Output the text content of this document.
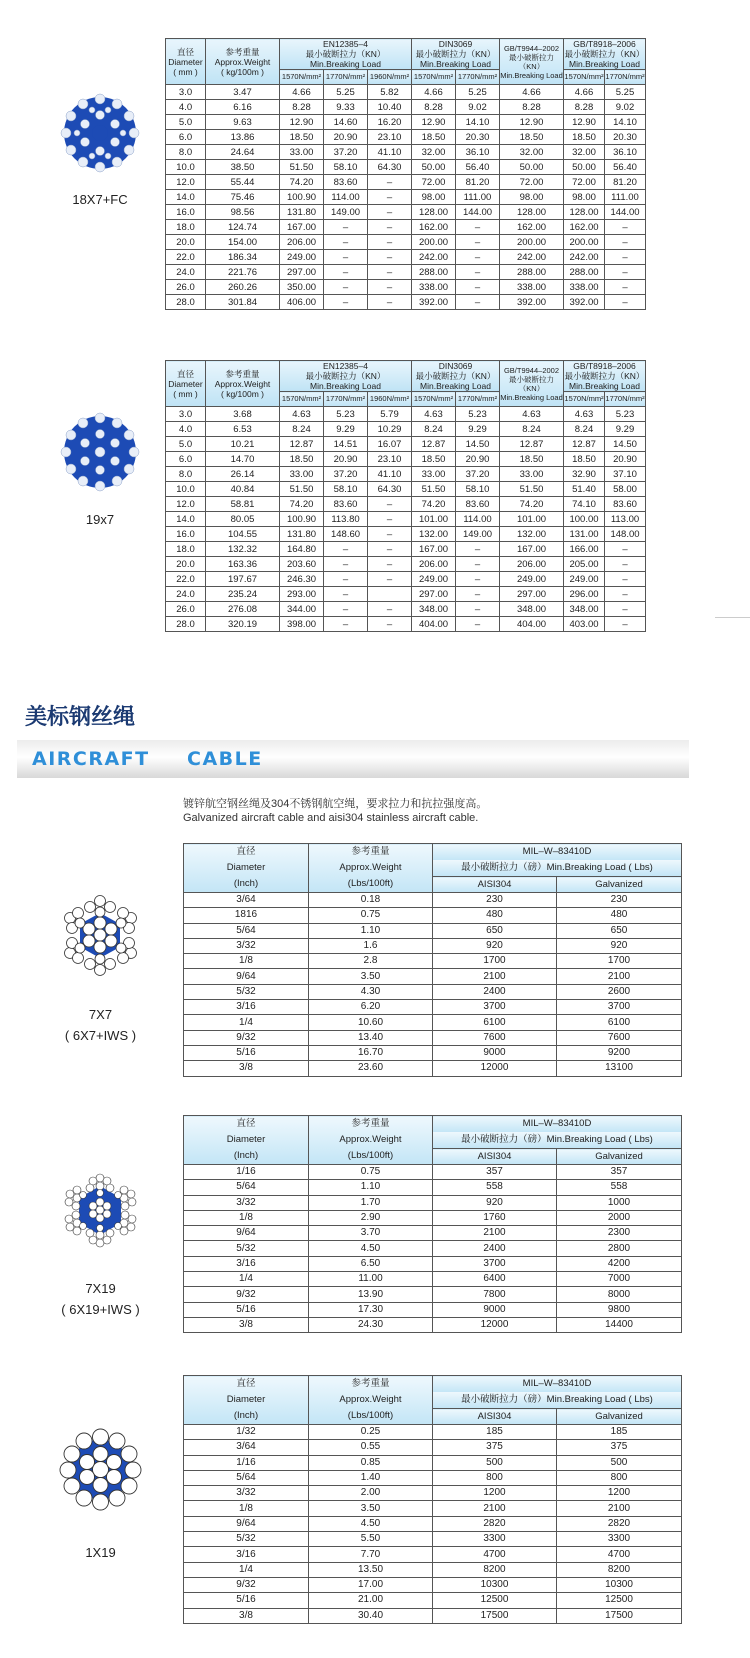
18X7+FC
直径
Diameter
( mm )	参考重量
Approx.Weight
( kg/100m )	EN12385–4
最小破断拉力（KN）
Min.Breaking Load			DIN3069
最小破断拉力（KN）
Min.Breaking Load		GB/T9944–2002
最小破断拉力
（KN）
Min.Breaking Load	GB/T8918–2006
最小破断拉力（KN）
Min.Breaking Load	

		1570N/mm²	1770N/mm²	1960N/mm²	1570N/mm²	1770N/mm²		1570N/mm²	1770N/mm²
3.0	3.47	4.66	5.25	5.82	4.66	5.25	4.66	4.66	5.25
4.0	6.16	8.28	9.33	10.40	8.28	9.02	8.28	8.28	9.02
5.0	9.63	12.90	14.60	16.20	12.90	14.10	12.90	12.90	14.10
6.0	13.86	18.50	20.90	23.10	18.50	20.30	18.50	18.50	20.30
8.0	24.64	33.00	37.20	41.10	32.00	36.10	32.00	32.00	36.10
10.0	38.50	51.50	58.10	64.30	50.00	56.40	50.00	50.00	56.40
12.0	55.44	74.20	83.60	–	72.00	81.20	72.00	72.00	81.20
14.0	75.46	100.90	114.00	–	98.00	111.00	98.00	98.00	111.00
16.0	98.56	131.80	149.00	–	128.00	144.00	128.00	128.00	144.00
18.0	124.74	167.00	–	–	162.00	–	162.00	162.00	–
20.0	154.00	206.00	–	–	200.00	–	200.00	200.00	–
22.0	186.34	249.00	–	–	242.00	–	242.00	242.00	–
24.0	221.76	297.00	–	–	288.00	–	288.00	288.00	–
26.0	260.26	350.00	–	–	338.00	–	338.00	338.00	–
28.0	301.84	406.00	–	–	392.00	–	392.00	392.00	–
19x7
直径
Diameter
( mm )	参考重量
Approx.Weight
( kg/100m )	EN12385–4
最小破断拉力（KN）
Min.Breaking Load			DIN3069
最小破断拉力（KN）
Min.Breaking Load		GB/T9944–2002
最小破断拉力
（KN）
Min.Breaking Load	GB/T8918–2006
最小破断拉力（KN）
Min.Breaking Load	

		1570N/mm²	1770N/mm²	1960N/mm²	1570N/mm²	1770N/mm²		1570N/mm²	1770N/mm²
3.0	3.68	4.63	5.23	5.79	4.63	5.23	4.63	4.63	5.23
4.0	6.53	8.24	9.29	10.29	8.24	9.29	8.24	8.24	9.29
5.0	10.21	12.87	14.51	16.07	12.87	14.50	12.87	12.87	14.50
6.0	14.70	18.50	20.90	23.10	18.50	20.90	18.50	18.50	20.90
8.0	26.14	33.00	37.20	41.10	33.00	37.20	33.00	32.90	37.10
10.0	40.84	51.50	58.10	64.30	51.50	58.10	51.50	51.40	58.00
12.0	58.81	74.20	83.60	–	74.20	83.60	74.20	74.10	83.60
14.0	80.05	100.90	113.80	–	101.00	114.00	101.00	100.00	113.00
16.0	104.55	131.80	148.60	–	132.00	149.00	132.00	131.00	148.00
18.0	132.32	164.80	–	–	167.00	–	167.00	166.00	–
20.0	163.36	203.60	–	–	206.00	–	206.00	205.00	–
22.0	197.67	246.30	–	–	249.00	–	249.00	249.00	–
24.0	235.24	293.00	–		297.00	–	297.00	296.00	–
26.0	276.08	344.00	–	–	348.00	–	348.00	348.00	–
28.0	320.19	398.00	–	–	404.00	–	404.00	403.00	–
美标钢丝绳
AIRCRAFT CABLE
镀锌航空钢丝绳及304不锈钢航空绳，要求拉力和抗拉强度高。
Galvanized aircraft cable and aisi304 stainless aircraft cable.
7X7
( 6X7+IWS )
直径
Diameter
(Inch)	参考重量
Approx.Weight
(Lbs/100ft)	MIL–W–83410D	

		最小破断拉力（磅）Min.Breaking Load ( Lbs)	
		AISI304	Galvanized
3/64	0.18	230	230
1816	0.75	480	480
5/64	1.10	650	650
3/32	1.6	920	920
1/8	2.8	1700	1700
9/64	3.50	2100	2100
5/32	4.30	2400	2600
3/16	6.20	3700	3700
1/4	10.60	6100	6100
9/32	13.40	7600	7600
5/16	16.70	9000	9200
3/8	23.60	12000	13100
7X19
( 6X19+IWS )
直径
Diameter
(Inch)	参考重量
Approx.Weight
(Lbs/100ft)	MIL–W–83410D	

		最小破断拉力（磅）Min.Breaking Load ( Lbs)	
		AISI304	Galvanized
1/16	0.75	357	357
5/64	1.10	558	558
3/32	1.70	920	1000
1/8	2.90	1760	2000
9/64	3.70	2100	2300
5/32	4.50	2400	2800
3/16	6.50	3700	4200
1/4	11.00	6400	7000
9/32	13.90	7800	8000
5/16	17.30	9000	9800
3/8	24.30	12000	14400
1X19
直径
Diameter
(Inch)	参考重量
Approx.Weight
(Lbs/100ft)	MIL–W–83410D	

		最小破断拉力（磅）Min.Breaking Load ( Lbs)	
		AISI304	Galvanized
1/32	0.25	185	185
3/64	0.55	375	375
1/16	0.85	500	500
5/64	1.40	800	800
3/32	2.00	1200	1200
1/8	3.50	2100	2100
9/64	4.50	2820	2820
5/32	5.50	3300	3300
3/16	7.70	4700	4700
1/4	13.50	8200	8200
9/32	17.00	10300	10300
5/16	21.00	12500	12500
3/8	30.40	17500	17500
